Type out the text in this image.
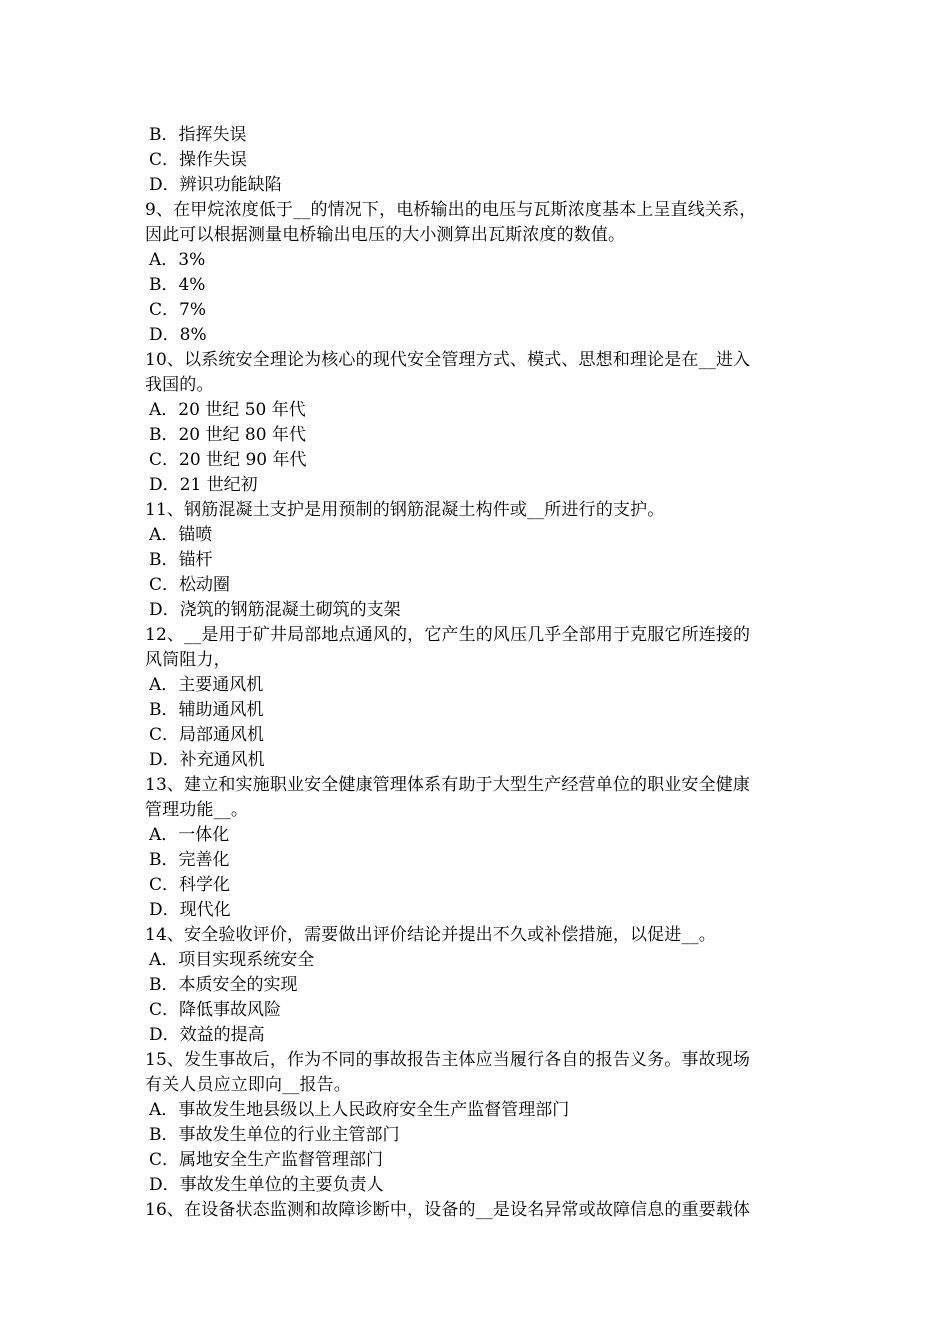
B．指挥失误
C．操作失误
D．辨识功能缺陷
9、在甲烷浓度低于__的情况下，电桥输出的电压与瓦斯浓度基本上呈直线关系，
因此可以根据测量电桥输出电压的大小测算出瓦斯浓度的数值。
A．3%
B．4%
C．7%
D．8%
10、以系统安全理论为核心的现代安全管理方式、模式、思想和理论是在__进入
我国的。
A．20 世纪 50 年代
B．20 世纪 80 年代
C．20 世纪 90 年代
D．21 世纪初
11、钢筋混凝土支护是用预制的钢筋混凝土构件或__所进行的支护。
A．锚喷
B．锚杆
C．松动圈
D．浇筑的钢筋混凝土砌筑的支架
12、__是用于矿井局部地点通风的，它产生的风压几乎全部用于克服它所连接的
风筒阻力，
A．主要通风机
B．辅助通风机
C．局部通风机
D．补充通风机
13、建立和实施职业安全健康管理体系有助于大型生产经营单位的职业安全健康
管理功能__。
A．一体化
B．完善化
C．科学化
D．现代化
14、安全验收评价，需要做出评价结论并提出不久或补偿措施，以促进__。
A．项目实现系统安全
B．本质安全的实现
C．降低事故风险
D．效益的提高
15、发生事故后，作为不同的事故报告主体应当履行各自的报告义务。事故现场
有关人员应立即向__报告。
A．事故发生地县级以上人民政府安全生产监督管理部门
B．事故发生单位的行业主管部门
C．属地安全生产监督管理部门
D．事故发生单位的主要负责人
16、在设备状态监测和故障诊断中，设备的__是设名异常或故障信息的重要载体
